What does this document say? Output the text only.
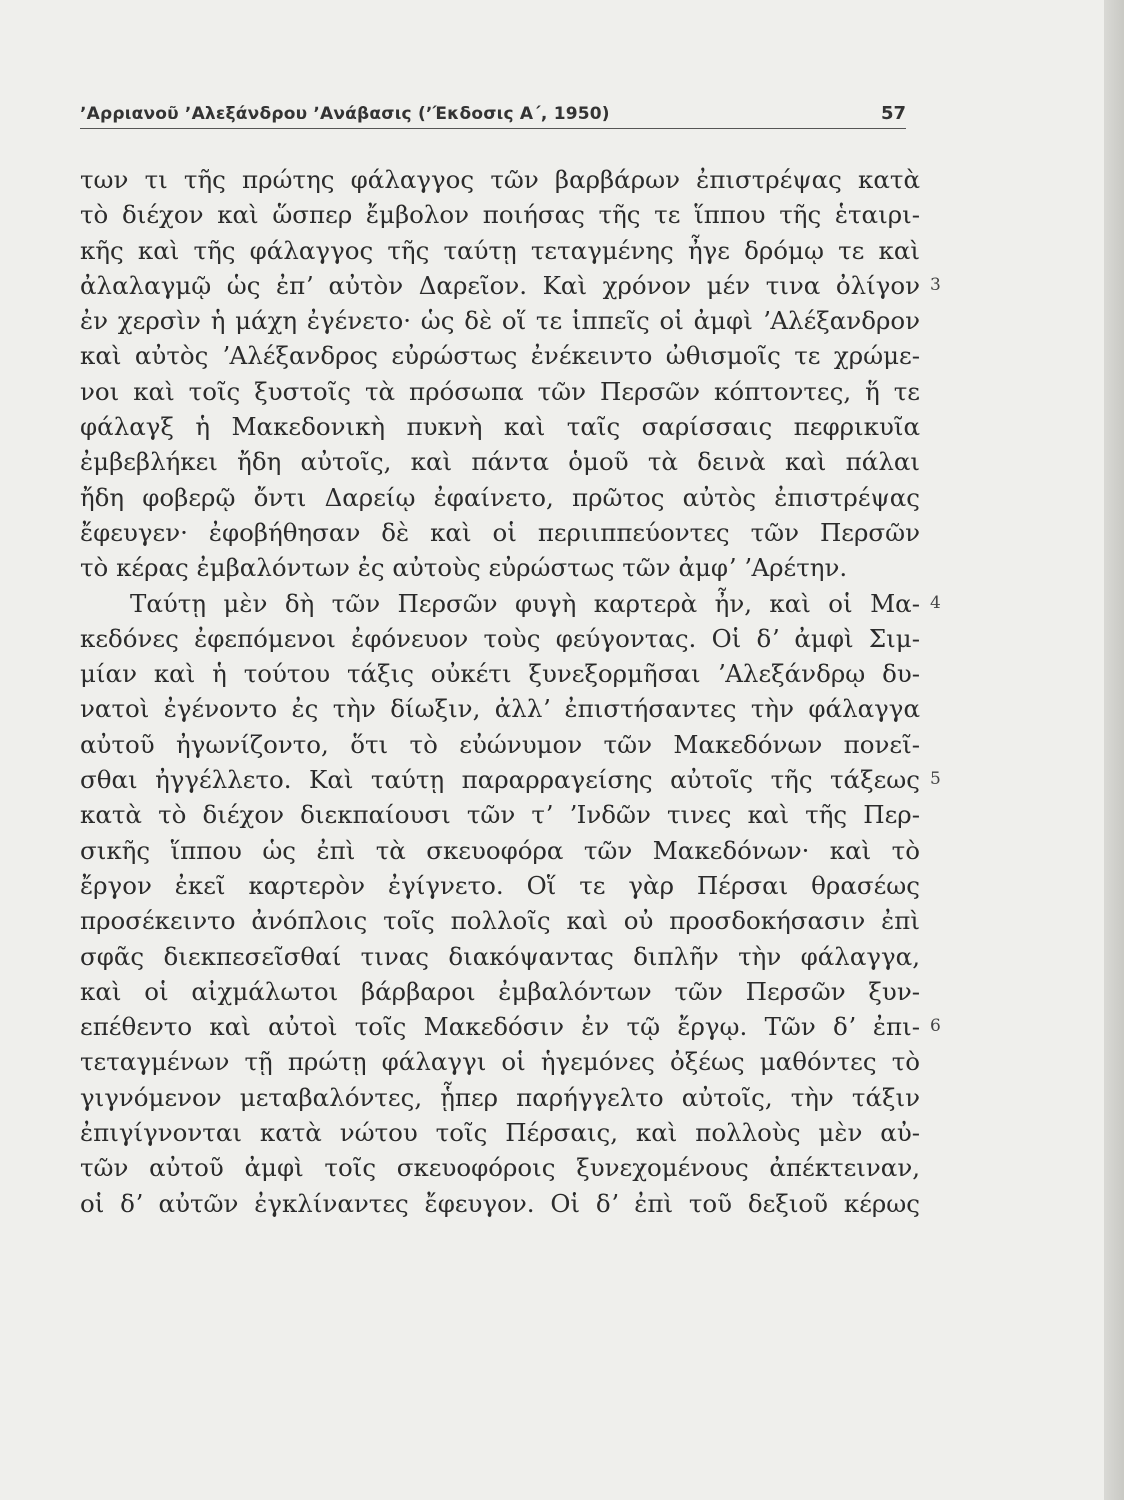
ʼΑρριανοῦ ʼΑλεξάνδρου ʼΑνάβασις (ʼΈκδοσις Α΄, 1950)	57
των τι τῆς πρώτης φάλαγγος τῶν βαρβάρων ἐπιστρέψας κατὰ
τὸ διέχον καὶ ὥσπερ ἔμβολον ποιήσας τῆς τε ἵππου τῆς ἑταιρι-
κῆς καὶ τῆς φάλαγγος τῆς ταύτῃ τεταγμένης ἦγε δρόμῳ τε καὶ
ἀλαλαγμῷ ὡς ἐπʼ αὐτὸν Δαρεῖον. Καὶ χρόνον μέν τινα ὀλίγον 3
ἐν χερσὶν ἡ μάχη ἐγένετο· ὡς δὲ οἵ τε ἱππεῖς οἱ ἀμφὶ ʼΑλέξανδρον
καὶ αὐτὸς ʼΑλέξανδρος εὐρώστως ἐνέκειντο ὠθισμοῖς τε χρώμε-
νοι καὶ τοῖς ξυστοῖς τὰ πρόσωπα τῶν Περσῶν κόπτοντες, ἥ τε
φάλαγξ ἡ Μακεδονικὴ πυκνὴ καὶ ταῖς σαρίσσαις πεφρικυῖα
ἐμβεβλήκει ἤδη αὐτοῖς, καὶ πάντα ὁμοῦ τὰ δεινὰ καὶ πάλαι
ἤδη φοβερῷ ὄντι Δαρείῳ ἐφαίνετο, πρῶτος αὐτὸς ἐπιστρέψας
ἔφευγεν· ἐφοβήθησαν δὲ καὶ οἱ περιιππεύοντες τῶν Περσῶν
τὸ κέρας ἐμβαλόντων ἐς αὐτοὺς εὐρώστως τῶν ἀμφʼ ʼΑρέτην.
Ταύτῃ μὲν δὴ τῶν Περσῶν φυγὴ καρτερὰ ἦν, καὶ οἱ Μα- 4
κεδόνες ἐφεπόμενοι ἐφόνευον τοὺς φεύγοντας. Οἱ δʼ ἀμφὶ Σιμ-
μίαν καὶ ἡ τούτου τάξις οὐκέτι ξυνεξορμῆσαι ʼΑλεξάνδρῳ δυ-
νατοὶ ἐγένοντο ἐς τὴν δίωξιν, ἀλλʼ ἐπιστήσαντες τὴν φάλαγγα
αὐτοῦ ἠγωνίζοντο, ὅτι τὸ εὐώνυμον τῶν Μακεδόνων πονεῖ-
σθαι ἠγγέλλετο. Καὶ ταύτῃ παραρραγείσης αὐτοῖς τῆς τάξεως 5
κατὰ τὸ διέχον διεκπαίουσι τῶν τʼ ʼΙνδῶν τινες καὶ τῆς Περ-
σικῆς ἵππου ὡς ἐπὶ τὰ σκευοφόρα τῶν Μακεδόνων· καὶ τὸ
ἔργον ἐκεῖ καρτερὸν ἐγίγνετο. Οἵ τε γὰρ Πέρσαι θρασέως
προσέκειντο ἀνόπλοις τοῖς πολλοῖς καὶ οὐ προσδοκήσασιν ἐπὶ
σφᾶς διεκπεσεῖσθαί τινας διακόψαντας διπλῆν τὴν φάλαγγα,
καὶ οἱ αἰχμάλωτοι βάρβαροι ἐμβαλόντων τῶν Περσῶν ξυν-
επέθεντο καὶ αὐτοὶ τοῖς Μακεδόσιν ἐν τῷ ἔργῳ. Τῶν δʼ ἐπι- 6
τεταγμένων τῇ πρώτῃ φάλαγγι οἱ ἡγεμόνες ὀξέως μαθόντες τὸ
γιγνόμενον μεταβαλόντες, ᾗπερ παρήγγελτο αὐτοῖς, τὴν τάξιν
ἐπιγίγνονται κατὰ νώτου τοῖς Πέρσαις, καὶ πολλοὺς μὲν αὐ-
τῶν αὐτοῦ ἀμφὶ τοῖς σκευοφόροις ξυνεχομένους ἀπέκτειναν,
οἱ δʼ αὐτῶν ἐγκλίναντες ἔφευγον. Οἱ δʼ ἐπὶ τοῦ δεξιοῦ κέρως
